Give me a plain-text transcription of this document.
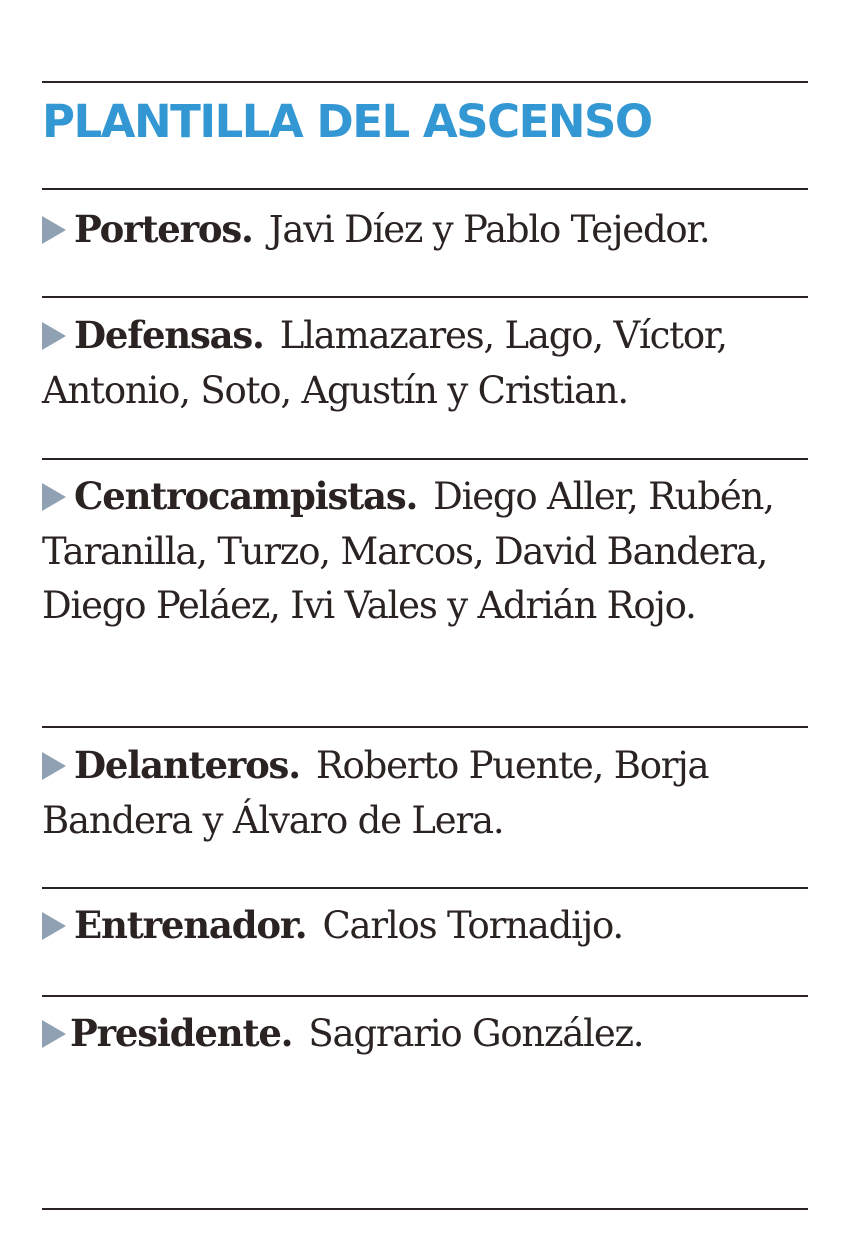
PLANTILLA DEL ASCENSO

Porteros. Javi Díez y Pablo Tejedor.

Defensas. Llamazares, Lago, Víctor, Antonio, Soto, Agustín y Cristian.

Centrocampistas. Diego Aller, Rubén, Taranilla, Turzo, Marcos, David Bandera, Diego Peláez, Ivi Vales y Adrián Rojo.

Delanteros. Roberto Puente, Borja Bandera y Álvaro de Lera.

Entrenador. Carlos Tornadijo.

Presidente. Sagrario González.
